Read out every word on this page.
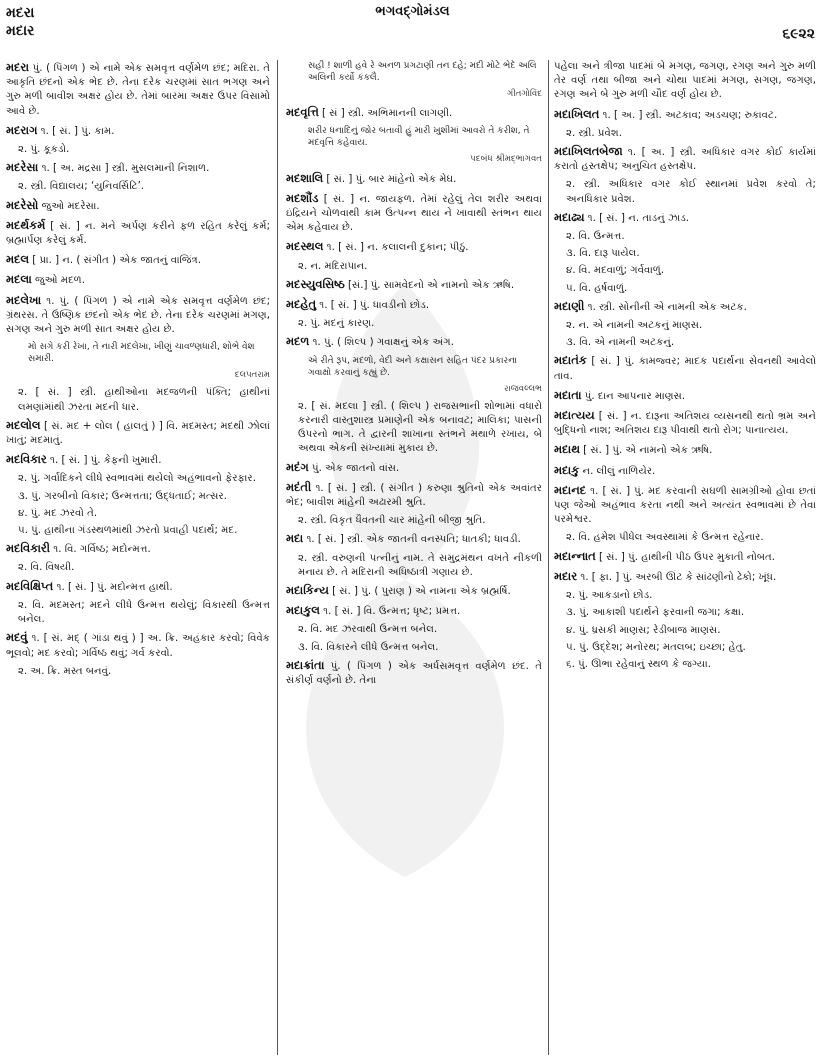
મદરા
મદાર
ભગવદ્ગોમંડલ
૬૯૨૨
મદરા પું. ( પિંગળ ) એ નામે એક સમવૃત્ત વર્ણમેળ છંદ; મદિરા. તે આકૃતિ છંદનો એક ભેદ છે. તેના દરેક ચરણમાં સાત ભગણ અને ગુરુ મળી બાવીશ અક્ષર હોય છે. તેમાં બારમા અક્ષર ઉપર વિસામો આવે છે.
મદરાગ ૧. [ સં. ] પું. કામ.
૨. પું. કૂકડો.
મદરેસા ૧. [ અ. મદ્રસા ] સ્ત્રી. મુસલમાની નિશાળ.
૨. સ્ત્રી. વિદ્યાલય; ‘યુનિવર્સિટિ’.
મદરેસો જુઓ મદરેસા.
મદર્થકર્મ [ સં. ] ન. મને અર્પણ કરીને ફળ રહિત કરેલું કર્મ; બ્રહ્માર્પણ કરેલું કર્મ.
મદલ [ પ્રા. ] ન. ( સંગીત ) એક જાતનું વાજિંત્ર.
મદલા જુઓ મદળ.
મદલેખા ૧. પું. ( પિંગળ ) એ નામે એક સમવૃત્ત વર્ણમેળ છંદ; ગ્રંથરસ. તે ઉષ્ણિક છંદનો એક ભેદ છે. તેના દરેક ચરણમાં મગણ, સગણ અને ગુરુ મળી સાત અક્ષર હોય છે.
મો સગે કરી રેખા, તે નારી મદલેખા, ખીણું ચાવળ્ણધારી, શોભે વેશ સમારી.
દલપતરામ
૨. [ સં. ] સ્ત્રી. હાથીઓના મદજળની પંક્તિ; હાથીનાં લમણાંમાંથી ઝરતા મદની ધાર.
મદલોલ [ સં. મદ + લોલ ( હાલતું ) ] વિ. મદમસ્ત; મદથી ઝોલાં ખાતું; મદમાતું.
મદવિકાર ૧. [ સં. ] પું. કેફની ખુમારી.
૨. પું. ગર્વાદિકને લીધે સ્વભાવમાં થયેલો અહંભાવનો ફેરફાર.
૩. પું. ગરબીનો વિકાર; ઉન્મત્તતા; ઉદ્ધતાઈ; મત્સર.
૪. પું. મદ ઝરવો તે.
૫. પું. હાથીના ગંડસ્થળમાંથી ઝરતો પ્રવાહી પદાર્થ; મદ.
મદવિકારી ૧. વિ. ગર્વિષ્ઠ; મદોન્મત્ત.
૨. વિ. વિષયી.
મદવિક્ષિપ્ત ૧. [ સં. ] પું. મદોન્મત્ત હાથી.
૨. વિ. મદમસ્ત; મદને લીધે ઉન્મત્ત થયેલું; વિકારથી ઉન્મત્ત બનેલ.
મદવું ૧. [ સં. મદ્ ( ગાંડા થવું ) ] અ. ક્રિ. અહંકાર કરવો; વિવેક ભૂલવો; મદ કરવો; ગર્વિષ્ઠ થવું; ગર્વ કરવો.
૨. અ. ક્રિ. મસ્ત બનવું.
સહી ! શાળી હવે રે અનળ પ્રગટાણી તન દહે; મદી મોટે ભેદે અલિ અલિની કર્યો કંકલૈ.
ગીતગોવિંદ
મદવૃત્તિ [ સં ] સ્ત્રી. અભિમાનની લાગણી.
શરીર ધનાદિનું જોર બતાવી હું મારી ખુશીમાં આવરો તે કરીશ, તે મદવૃત્તિ કહેવાય.
પદબંધ શ્રીમદ્ભાગવત
મદશાલિ [ સં. ] પું. બાર માંહેનો એક મેઘ.
મદશૌંડ [ સં. ] ન. જાયફળ. તેમાં રહેલું તેલ શરીર અથવા ઇંદ્રિયને ચોળવાથી કામ ઉત્પન્ન થાય ને ખાવાથી સ્તંભન થાય એમ કહેવાય છે.
મદસ્થલ ૧. [ સં. ] ન. કલાલની દુકાન; પીઠું.
૨. ન. મદિરાપાન.
મદસ્યુવસિષ્ઠ [સં.] પું. સામવેદનો એ નામનો એક ઋષિ.
મદહેતુ ૧. [ સં. ] પું. ધાવડીનો છોડ.
૨. પું. મદનું કારણ.
મદળ ૧. પું. ( શિલ્પ ) ગવાક્ષનું એક અંગ.
એ રીતે રૂપ, મદળો, વેદી અને કક્ષાસન સહિત પંદર પ્રકારના ગવાક્ષો કરવાનું કહ્યું છે.
રાજવલ્લભ
૨. [ સં. મદલા ] સ્ત્રી. ( શિલ્પ ) રાજસભાની શોભામાં વધારો કરનારી વાસ્તુશાસ્ત્ર પ્રમાણેની એક બનાવટ; માલિકા; પાસની ઉપરનો ભાગ. તે દ્વારની શાખાના સ્તંભને મથાળે રખાય, બે અથવા એકની સંખ્યામાં મુકાય છે.
મદંગ પું. એક જાતનો વાંસ.
મદંતી ૧. [ સં. ] સ્ત્રી. ( સંગીત ) કરુણા શ્રુતિનો એક અવાંતર ભેદ; બાવીશ માંહેની અઢારમી શ્રુતિ.
૨. સ્ત્રી. વિકૃત ધૈવતની ચાર માંહેની બીજી શ્રુતિ.
મદા ૧. [ સં. ] સ્ત્રી. એક જાતની વનસ્પતિ; ધાતકી; ધાવડી.
૨. સ્ત્રી. વરુણની પત્નીનું નામ. તે સમુદ્રમંથન વખતે નીકળી મનાય છે. તે મદિરાની અધિષ્ઠાત્રી ગણાય છે.
મદાકિન્ય [ સં. ] પું. ( પુરાણ ) એ નામના એક બ્રહ્મર્ષિ.
મદાકુલ ૧. [ સં. ] વિ. ઉન્મત્ત; ધૃષ્ટ; પ્રમત્ત.
૨. વિ. મદ ઝરવાથી ઉન્મત્ત બનેલ.
૩. વિ. વિકારને લીધે ઉન્મત્ત બનેલ.
મદાક્રાંતા પું. ( પિંગળ ) એક અર્ધસમવૃત્ત વર્ણમેળ છંદ. તે સંકીર્ણ વર્ણનો છે. તેના
પહેલા અને ત્રીજા પાદમાં બે મગણ, જગણ, રગણ અને ગુરુ મળી તેર વર્ણ તથા બીજા અને ચોથા પાદમાં મગણ, સગણ, જગણ, રગણ અને બે ગુરુ મળી ચૌદ વર્ણ હોય છે.
મદાખિલત ૧. [ અ. ] સ્ત્રી. અટકાવ; અડચણ; રુકાવટ.
૨. સ્ત્રી. પ્રવેશ.
મદાખિલતબેજા ૧. [ અ. ] સ્ત્રી. અધિકાર વગર કોઈ કાર્યમાં કરાતો હસ્તક્ષેપ; અનુચિત હસ્તક્ષેપ.
૨. સ્ત્રી. અધિકાર વગર કોઈ સ્થાનમાં પ્રવેશ કરવો તે; અનધિકાર પ્રવેશ.
મદાઢ્ય ૧. [ સં. ] ન. તાડનું ઝાડ.
૨. વિ. ઉન્મત્ત.
૩. વિ. દારૂ પાયેલ.
૪. વિ. મદવાળું; ગર્વવાળું.
૫. વિ. હર્ષવાળું.
મદાણી ૧. સ્ત્રી. સોનીની એ નામની એક અટક.
૨. ન. એ નામની અટકનું માણસ.
૩. વિ. એ નામની અટકનું.
મદાતંક [ સં. ] પું. કામજ્વર; માદક પદાર્થના સેવનથી આવેલો તાવ.
મદાતા પું. દાન આપનાર માણસ.
મદાત્યય [ સં. ] ન. દારૂના અતિશય વ્યસનથી થતો ભ્રમ અને બુદ્ધિનો નાશ; અતિશય દારૂ પીવાથી થતો રોગ; પાનાત્યય.
મદાથ [ સં. ] પું. એ નામનો એક ઋષિ.
મદાકુ ન. લીલું નાળિયેર.
મદાનદ ૧. [ સં. ] પું. મદ કરવાની સઘળી સામગ્રીઓ હોવા છતાં પણ જેઓ અહંભાવ કરતા નથી અને અત્યંત સ્વભાવમાં છે તેવા પરમેશ્વર.
૨. વિ. હમેશ પીધેલ અવસ્થામાં કે ઉન્મત્ત રહેનાર.
મદાન્નાત [ સં. ] પું. હાથીની પીઠ ઉપર મુકાતી નોબત.
મદાર ૧. [ ફા. ] પું. અરબી ઊંટ કે સાંઢણીનો ઢેકો; ખૂંધ.
૨. પું. આકડાનો છોડ.
૩. પું. આકાશી પદાર્થને ફરવાની જગા; કક્ષા.
૪. પું. ધ્રસકી માણસ; રેડીબાજ માણસ.
૫. પું. ઉદ્દેશ; મનોરથ; મતલબ; ઇચ્છા; હેતુ.
૬. પું. ઊભા રહેવાનું સ્થળ કે જગ્યા.
